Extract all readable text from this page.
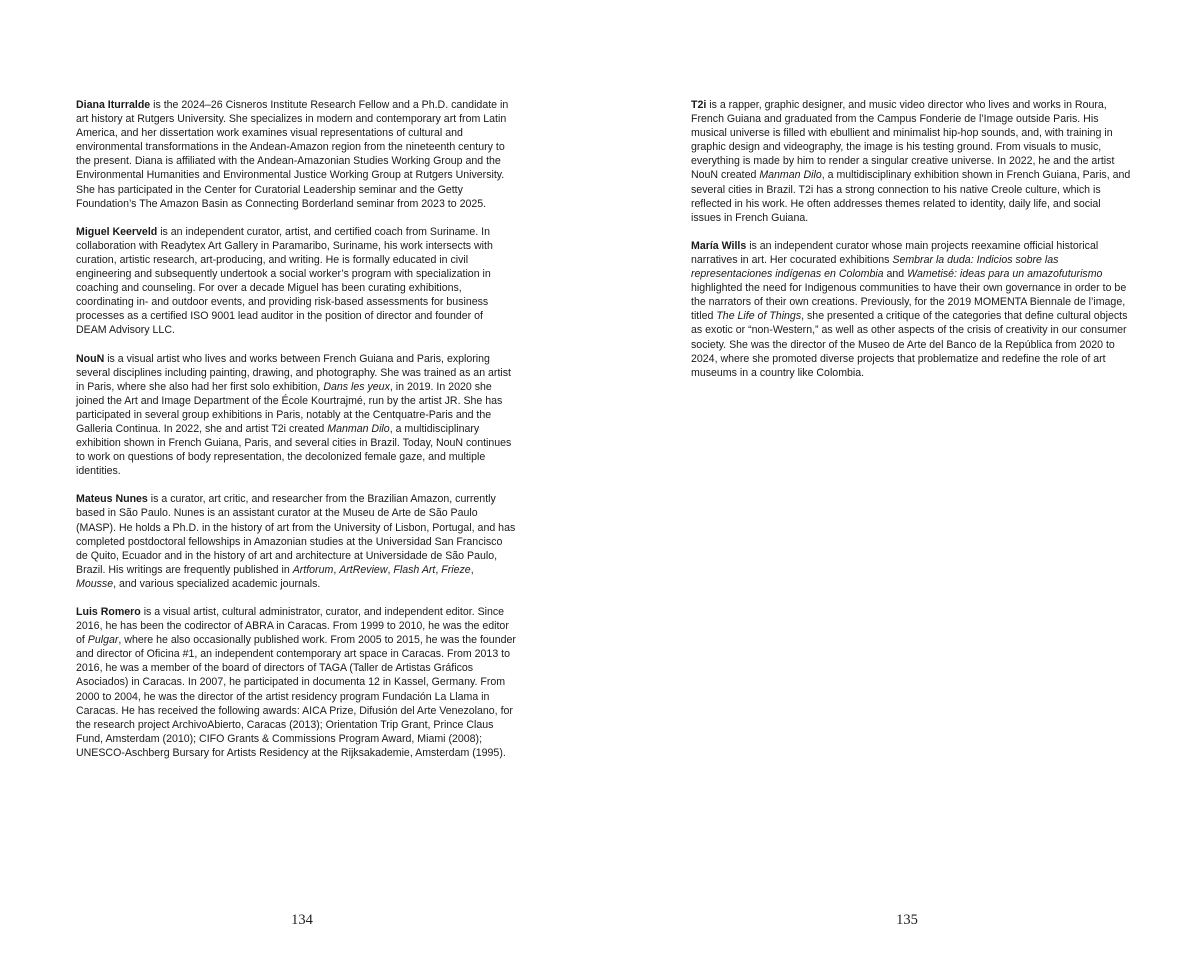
Diana Iturralde is the 2024–26 Cisneros Institute Research Fellow and a Ph.D. candidate in art history at Rutgers University. She specializes in modern and contemporary art from Latin America, and her dissertation work examines visual representations of cultural and environmental transformations in the Andean-Amazon region from the nineteenth century to the present. Diana is affiliated with the Andean-Amazonian Studies Working Group and the Environmental Humanities and Environmental Justice Working Group at Rutgers University. She has participated in the Center for Curatorial Leadership seminar and the Getty Foundation’s The Amazon Basin as Connecting Borderland seminar from 2023 to 2025.

Miguel Keerveld is an independent curator, artist, and certified coach from Suriname. In collaboration with Readytex Art Gallery in Paramaribo, Suriname, his work intersects with curation, artistic research, art-producing, and writing. He is formally educated in civil engineering and subsequently undertook a social worker’s program with specialization in coaching and counseling. For over a decade Miguel has been curating exhibitions, coordinating in- and outdoor events, and providing risk-based assessments for business processes as a certified ISO 9001 lead auditor in the position of director and founder of DEAM Advisory LLC.

NouN is a visual artist who lives and works between French Guiana and Paris, exploring several disciplines including painting, drawing, and photography. She was trained as an artist in Paris, where she also had her first solo exhibition, Dans les yeux, in 2019. In 2020 she joined the Art and Image Department of the École Kourtrajmé, run by the artist JR. She has participated in several group exhibitions in Paris, notably at the Centquatre-Paris and the Galleria Continua. In 2022, she and artist T2i created Manman Dilo, a multidisciplinary exhibition shown in French Guiana, Paris, and several cities in Brazil. Today, NouN continues to work on questions of body representation, the decolonized female gaze, and multiple identities.

Mateus Nunes is a curator, art critic, and researcher from the Brazilian Amazon, currently based in São Paulo. Nunes is an assistant curator at the Museu de Arte de São Paulo (MASP). He holds a Ph.D. in the history of art from the University of Lisbon, Portugal, and has completed postdoctoral fellowships in Amazonian studies at the Universidad San Francisco de Quito, Ecuador and in the history of art and architecture at Universidade de São Paulo, Brazil. His writings are frequently published in Artforum, ArtReview, Flash Art, Frieze, Mousse, and various specialized academic journals.

Luis Romero is a visual artist, cultural administrator, curator, and independent editor. Since 2016, he has been the codirector of ABRA in Caracas. From 1999 to 2010, he was the editor of Pulgar, where he also occasionally published work. From 2005 to 2015, he was the founder and director of Oficina #1, an independent contemporary art space in Caracas. From 2013 to 2016, he was a member of the board of directors of TAGA (Taller de Artistas Gráficos Asociados) in Caracas. In 2007, he participated in documenta 12 in Kassel, Germany. From 2000 to 2004, he was the director of the artist residency program Fundación La Llama in Caracas. He has received the following awards: AICA Prize, Difusión del Arte Venezolano, for the research project ArchivoAbierto, Caracas (2013); Orientation Trip Grant, Prince Claus Fund, Amsterdam (2010); CIFO Grants & Commissions Program Award, Miami (2008); UNESCO-Aschberg Bursary for Artists Residency at the Rijksakademie, Amsterdam (1995).

134

T2i is a rapper, graphic designer, and music video director who lives and works in Roura, French Guiana and graduated from the Campus Fonderie de l’Image outside Paris. His musical universe is filled with ebullient and minimalist hip-hop sounds, and, with training in graphic design and videography, the image is his testing ground. From visuals to music, everything is made by him to render a singular creative universe. In 2022, he and the artist NouN created Manman Dilo, a multidisciplinary exhibition shown in French Guiana, Paris, and several cities in Brazil. T2i has a strong connection to his native Creole culture, which is reflected in his work. He often addresses themes related to identity, daily life, and social issues in French Guiana.

María Wills is an independent curator whose main projects reexamine official historical narratives in art. Her cocurated exhibitions Sembrar la duda: Indicios sobre las representaciones indígenas en Colombia and Wametisé: ideas para un amazofuturismo highlighted the need for Indigenous communities to have their own governance in order to be the narrators of their own creations. Previously, for the 2019 MOMENTA Biennale de l’image, titled The Life of Things, she presented a critique of the categories that define cultural objects as exotic or “non-Western,” as well as other aspects of the crisis of creativity in our consumer society. She was the director of the Museo de Arte del Banco de la República from 2020 to 2024, where she promoted diverse projects that problematize and redefine the role of art museums in a country like Colombia.

135
